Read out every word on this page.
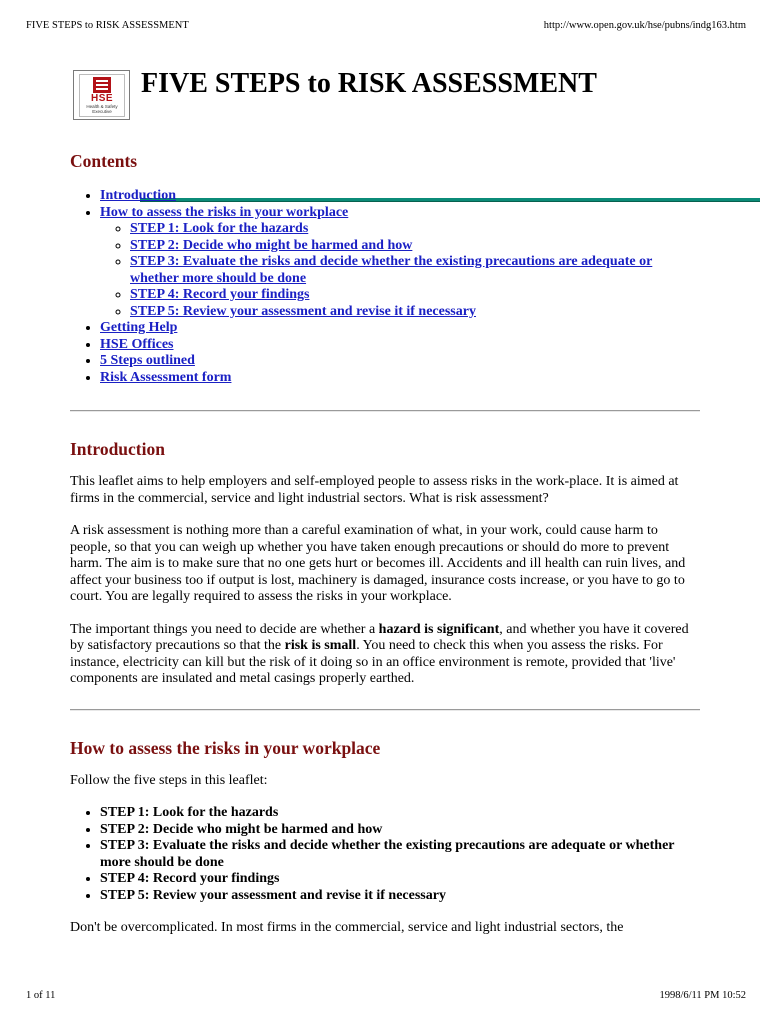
FIVE STEPS to RISK ASSESSMENT	http://www.open.gov.uk/hse/pubns/indg163.htm
HSE
Health & Safety Executive
FIVE STEPS to RISK ASSESSMENT
Contents
• Introduction
• How to assess the risks in your workplace
◦ STEP 1: Look for the hazards
◦ STEP 2: Decide who might be harmed and how
◦ STEP 3: Evaluate the risks and decide whether the existing precautions are adequate or whether more should be done
◦ STEP 4: Record your findings
◦ STEP 5: Review your assessment and revise it if necessary
• Getting Help
• HSE Offices
• 5 Steps outlined
• Risk Assessment form
Introduction

This leaflet aims to help employers and self-employed people to assess risks in the work-place. It is aimed at firms in the commercial, service and light industrial sectors. What is risk assessment?

A risk assessment is nothing more than a careful examination of what, in your work, could cause harm to people, so that you can weigh up whether you have taken enough precautions or should do more to prevent harm. The aim is to make sure that no one gets hurt or becomes ill. Accidents and ill health can ruin lives, and affect your business too if output is lost, machinery is damaged, insurance costs increase, or you have to go to court. You are legally required to assess the risks in your workplace.

The important things you need to decide are whether a hazard is significant, and whether you have it covered by satisfactory precautions so that the risk is small. You need to check this when you assess the risks. For instance, electricity can kill but the risk of it doing so in an office environment is remote, provided that 'live' components are insulated and metal casings properly earthed.

How to assess the risks in your workplace

Follow the five steps in this leaflet:

• STEP 1: Look for the hazards
• STEP 2: Decide who might be harmed and how
• STEP 3: Evaluate the risks and decide whether the existing precautions are adequate or whether more should be done
• STEP 4: Record your findings
• STEP 5: Review your assessment and revise it if necessary

Don't be overcomplicated. In most firms in the commercial, service and light industrial sectors, the

1 of 11	1998/6/11 PM 10:52
